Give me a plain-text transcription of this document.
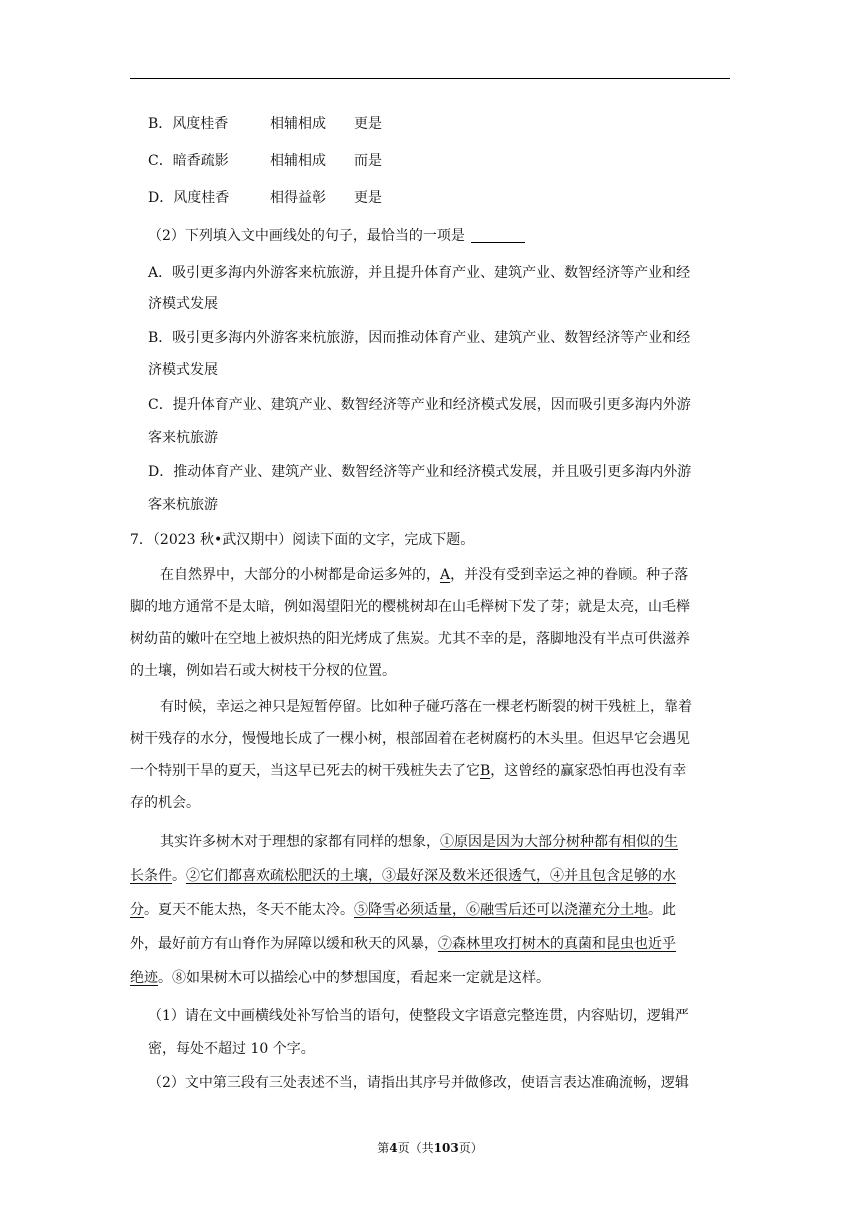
B．风度桂香	相辅相成 更是
C．暗香疏影	相辅相成 而是
D．风度桂香	相得益彰 更是
（2）下列填入文中画线处的句子，最恰当的一项是
A．吸引更多海内外游客来杭旅游，并且提升体育产业、建筑产业、数智经济等产业和经
济模式发展
B．吸引更多海内外游客来杭旅游，因而推动体育产业、建筑产业、数智经济等产业和经
济模式发展
C．提升体育产业、建筑产业、数智经济等产业和经济模式发展，因而吸引更多海内外游
客来杭旅游
D．推动体育产业、建筑产业、数智经济等产业和经济模式发展，并且吸引更多海内外游
客来杭旅游
7．（2023 秋•武汉期中）阅读下面的文字，完成下题。
在自然界中，大部分的小树都是命运多舛的，A，并没有受到幸运之神的眷顾。种子落
脚的地方通常不是太暗，例如渴望阳光的樱桃树却在山毛榉树下发了芽；就是太亮，山毛榉
树幼苗的嫩叶在空地上被炽热的阳光烤成了焦炭。尤其不幸的是，落脚地没有半点可供滋养
的土壤，例如岩石或大树枝干分杈的位置。
有时候，幸运之神只是短暂停留。比如种子碰巧落在一棵老朽断裂的树干残桩上，靠着
树干残存的水分，慢慢地长成了一棵小树，根部固着在老树腐朽的木头里。但迟早它会遇见
一个特别干旱的夏天，当这早已死去的树干残桩失去了它B，这曾经的赢家恐怕再也没有幸
存的机会。
其实许多树木对于理想的家都有同样的想象，①原因是因为大部分树种都有相似的生
长条件。②它们都喜欢疏松肥沃的土壤，③最好深及数米还很透气，④并且包含足够的水
分。夏天不能太热，冬天不能太冷。⑤降雪必须适量，⑥融雪后还可以浇灌充分土地。此
外，最好前方有山脊作为屏障以缓和秋天的风暴，⑦森林里攻打树木的真菌和昆虫也近乎
绝迹。⑧如果树木可以描绘心中的梦想国度，看起来一定就是这样。
（1）请在文中画横线处补写恰当的语句，使整段文字语意完整连贯，内容贴切，逻辑严
密，每处不超过 10 个字。
（2）文中第三段有三处表述不当，请指出其序号并做修改，使语言表达准确流畅，逻辑
第4页（共103页）
